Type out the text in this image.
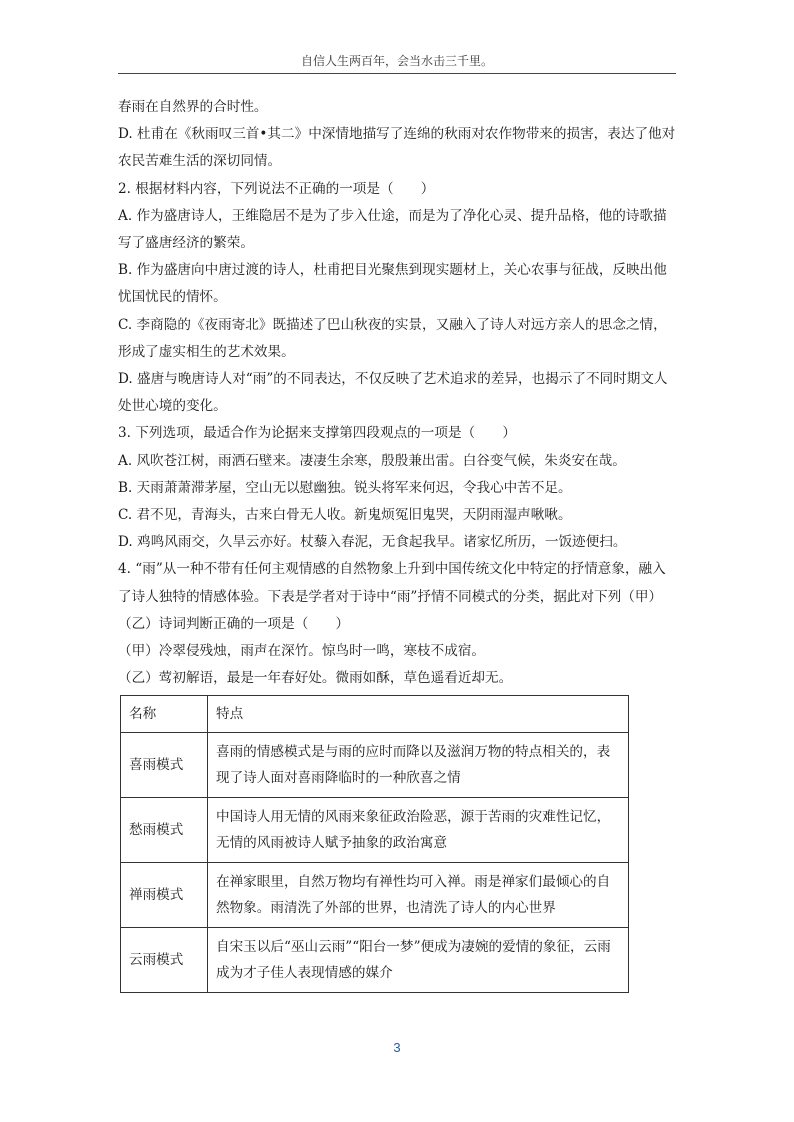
自信人生两百年，会当水击三千里。

春雨在自然界的合时性。

D. 杜甫在《秋雨叹三首•其二》中深情地描写了连绵的秋雨对农作物带来的损害，表达了他对农民苦难生活的深切同情。

2. 根据材料内容，下列说法不正确的一项是（　　）

A. 作为盛唐诗人，王维隐居不是为了步入仕途，而是为了净化心灵、提升品格，他的诗歌描写了盛唐经济的繁荣。

B. 作为盛唐向中唐过渡的诗人，杜甫把目光聚焦到现实题材上，关心农事与征战，反映出他忧国忧民的情怀。

C. 李商隐的《夜雨寄北》既描述了巴山秋夜的实景，又融入了诗人对远方亲人的思念之情，形成了虚实相生的艺术效果。

D. 盛唐与晚唐诗人对“雨”的不同表达，不仅反映了艺术追求的差异，也揭示了不同时期文人处世心境的变化。

3. 下列选项，最适合作为论据来支撑第四段观点的一项是（　　）

A. 风吹苍江树，雨洒石壁来。凄凄生余寒，殷殷兼出雷。白谷变气候，朱炎安在哉。

B. 天雨萧萧滞茅屋，空山无以慰幽独。锐头将军来何迟，令我心中苦不足。

C. 君不见，青海头，古来白骨无人收。新鬼烦冤旧鬼哭，天阴雨湿声啾啾。

D. 鸡鸣风雨交，久旱云亦好。杖藜入春泥，无食起我早。诸家忆所历，一饭迹便扫。

4. “雨”从一种不带有任何主观情感的自然物象上升到中国传统文化中特定的抒情意象，融入了诗人独特的情感体验。下表是学者对于诗中“雨”抒情不同模式的分类，据此对下列（甲）（乙）诗词判断正确的一项是（　　）

（甲）冷翠侵残烛，雨声在深竹。惊鸟时一鸣，寒枝不成宿。

（乙）莺初解语，最是一年春好处。微雨如酥，草色遥看近却无。

名称	特点
喜雨模式	喜雨的情感模式是与雨的应时而降以及滋润万物的特点相关的，表现了诗人面对喜雨降临时的一种欣喜之情
愁雨模式	中国诗人用无情的风雨来象征政治险恶，源于苦雨的灾难性记忆，无情的风雨被诗人赋予抽象的政治寓意
禅雨模式	在禅家眼里，自然万物均有禅性均可入禅。雨是禅家们最倾心的自然物象。雨清洗了外部的世界，也清洗了诗人的内心世界
云雨模式	自宋玉以后“巫山云雨”“阳台一梦”便成为凄婉的爱情的象征，云雨成为才子佳人表现情感的媒介
3
